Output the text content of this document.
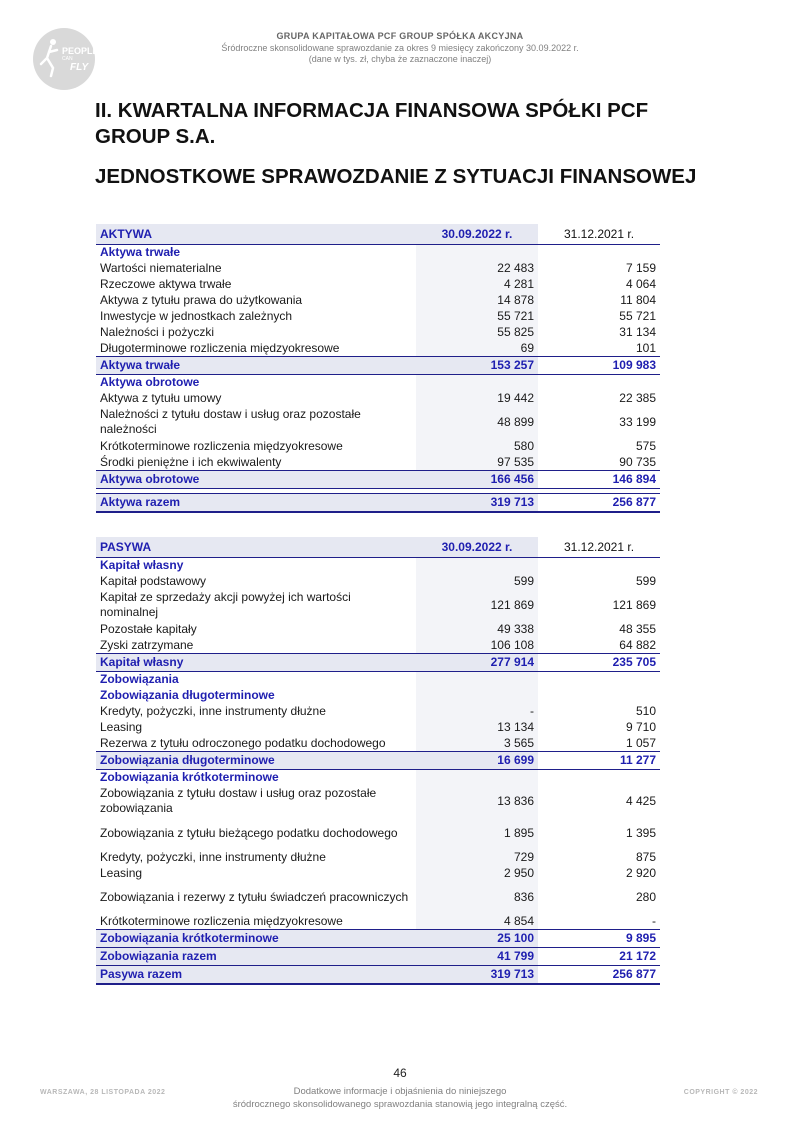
PEOPLE
CAN
FLY
GRUPA KAPITAŁOWA PCF GROUP SPÓŁKA AKCYJNA
Śródroczne skonsolidowane sprawozdanie za okres 9 miesięcy zakończony 30.09.2022 r.
(dane w tys. zł, chyba że zaznaczone inaczej)
II. KWARTALNA INFORMACJA FINANSOWA SPÓŁKI PCF
GROUP S.A.
JEDNOSTKOWE SPRAWOZDANIE Z SYTUACJI FINANSOWEJ
AKTYWA	30.09.2022 r.	31.12.2021 r.
Aktywa trwałe		
Wartości niematerialne	22 483	7 159
Rzeczowe aktywa trwałe	4 281	4 064
Aktywa z tytułu prawa do użytkowania	14 878	11 804
Inwestycje w jednostkach zależnych	55 721	55 721
Należności i pożyczki	55 825	31 134
Długoterminowe rozliczenia międzyokresowe	69	101
Aktywa trwałe	153 257	109 983
Aktywa obrotowe		
Aktywa z tytułu umowy	19 442	22 385
Należności z tytułu dostaw i usług oraz pozostałe należności	48 899	33 199
Krótkoterminowe rozliczenia międzyokresowe	580	575
Środki pieniężne i ich ekwiwalenty	97 535	90 735
Aktywa obrotowe	166 456	146 894

Aktywa razem	319 713	256 877
PASYWA	30.09.2022 r.	31.12.2021 r.
Kapitał własny		
Kapitał podstawowy	599	599
Kapitał ze sprzedaży akcji powyżej ich wartości nominalnej	121 869	121 869
Pozostałe kapitały	49 338	48 355
Zyski zatrzymane	106 108	64 882
Kapitał własny	277 914	235 705
Zobowiązania		
Zobowiązania długoterminowe		
Kredyty, pożyczki, inne instrumenty dłużne	-	510
Leasing	13 134	9 710
Rezerwa z tytułu odroczonego podatku dochodowego	3 565	1 057
Zobowiązania długoterminowe	16 699	11 277
Zobowiązania krótkoterminowe		
Zobowiązania z tytułu dostaw i usług oraz pozostałe zobowiązania	13 836	4 425
Zobowiązania z tytułu bieżącego podatku dochodowego	1 895	1 395
Kredyty, pożyczki, inne instrumenty dłużne	729	875
Leasing	2 950	2 920
Zobowiązania i rezerwy z tytułu świadczeń pracowniczych	836	280
Krótkoterminowe rozliczenia międzyokresowe	4 854	-
Zobowiązania krótkoterminowe	25 100	9 895
Zobowiązania razem	41 799	21 172
Pasywa razem	319 713	256 877
46
WARSZAWA, 28 LISTOPADA 2022	Dodatkowe informacje i objaśnienia do niniejszego
śródrocznego skonsolidowanego sprawozdania stanowią jego integralną część.
COPYRIGHT © 2022
